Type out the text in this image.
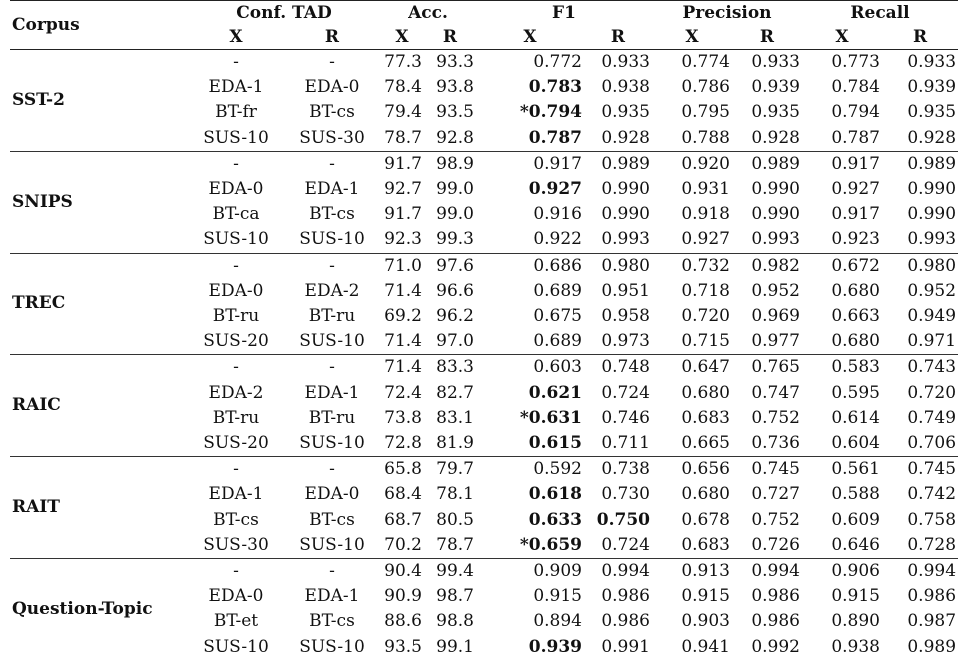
Corpus	Conf. TAD		Acc.		F1		Precision		Recall	
	X	R	X	R	X	R	X	R	X	R
SST-2	-	-	77.3	93.3	0.772	0.933	0.774	0.933	0.773	0.933
	EDA-1	EDA-0	78.4	93.8	0.783	0.938	0.786	0.939	0.784	0.939
	BT-fr	BT-cs	79.4	93.5	*0.794	0.935	0.795	0.935	0.794	0.935
	SUS-10	SUS-30	78.7	92.8	0.787	0.928	0.788	0.928	0.787	0.928
SNIPS	-	-	91.7	98.9	0.917	0.989	0.920	0.989	0.917	0.989
	EDA-0	EDA-1	92.7	99.0	0.927	0.990	0.931	0.990	0.927	0.990
	BT-ca	BT-cs	91.7	99.0	0.916	0.990	0.918	0.990	0.917	0.990
	SUS-10	SUS-10	92.3	99.3	0.922	0.993	0.927	0.993	0.923	0.993
TREC	-	-	71.0	97.6	0.686	0.980	0.732	0.982	0.672	0.980
	EDA-0	EDA-2	71.4	96.6	0.689	0.951	0.718	0.952	0.680	0.952
	BT-ru	BT-ru	69.2	96.2	0.675	0.958	0.720	0.969	0.663	0.949
	SUS-20	SUS-10	71.4	97.0	0.689	0.973	0.715	0.977	0.680	0.971
RAIC	-	-	71.4	83.3	0.603	0.748	0.647	0.765	0.583	0.743
	EDA-2	EDA-1	72.4	82.7	0.621	0.724	0.680	0.747	0.595	0.720
	BT-ru	BT-ru	73.8	83.1	*0.631	0.746	0.683	0.752	0.614	0.749
	SUS-20	SUS-10	72.8	81.9	0.615	0.711	0.665	0.736	0.604	0.706
RAIT	-	-	65.8	79.7	0.592	0.738	0.656	0.745	0.561	0.745
	EDA-1	EDA-0	68.4	78.1	0.618	0.730	0.680	0.727	0.588	0.742
	BT-cs	BT-cs	68.7	80.5	0.633	0.750	0.678	0.752	0.609	0.758
	SUS-30	SUS-10	70.2	78.7	*0.659	0.724	0.683	0.726	0.646	0.728
Question-Topic	-	-	90.4	99.4	0.909	0.994	0.913	0.994	0.906	0.994
	EDA-0	EDA-1	90.9	98.7	0.915	0.986	0.915	0.986	0.915	0.986
	BT-et	BT-cs	88.6	98.8	0.894	0.986	0.903	0.986	0.890	0.987
	SUS-10	SUS-10	93.5	99.1	0.939	0.991	0.941	0.992	0.938	0.989
